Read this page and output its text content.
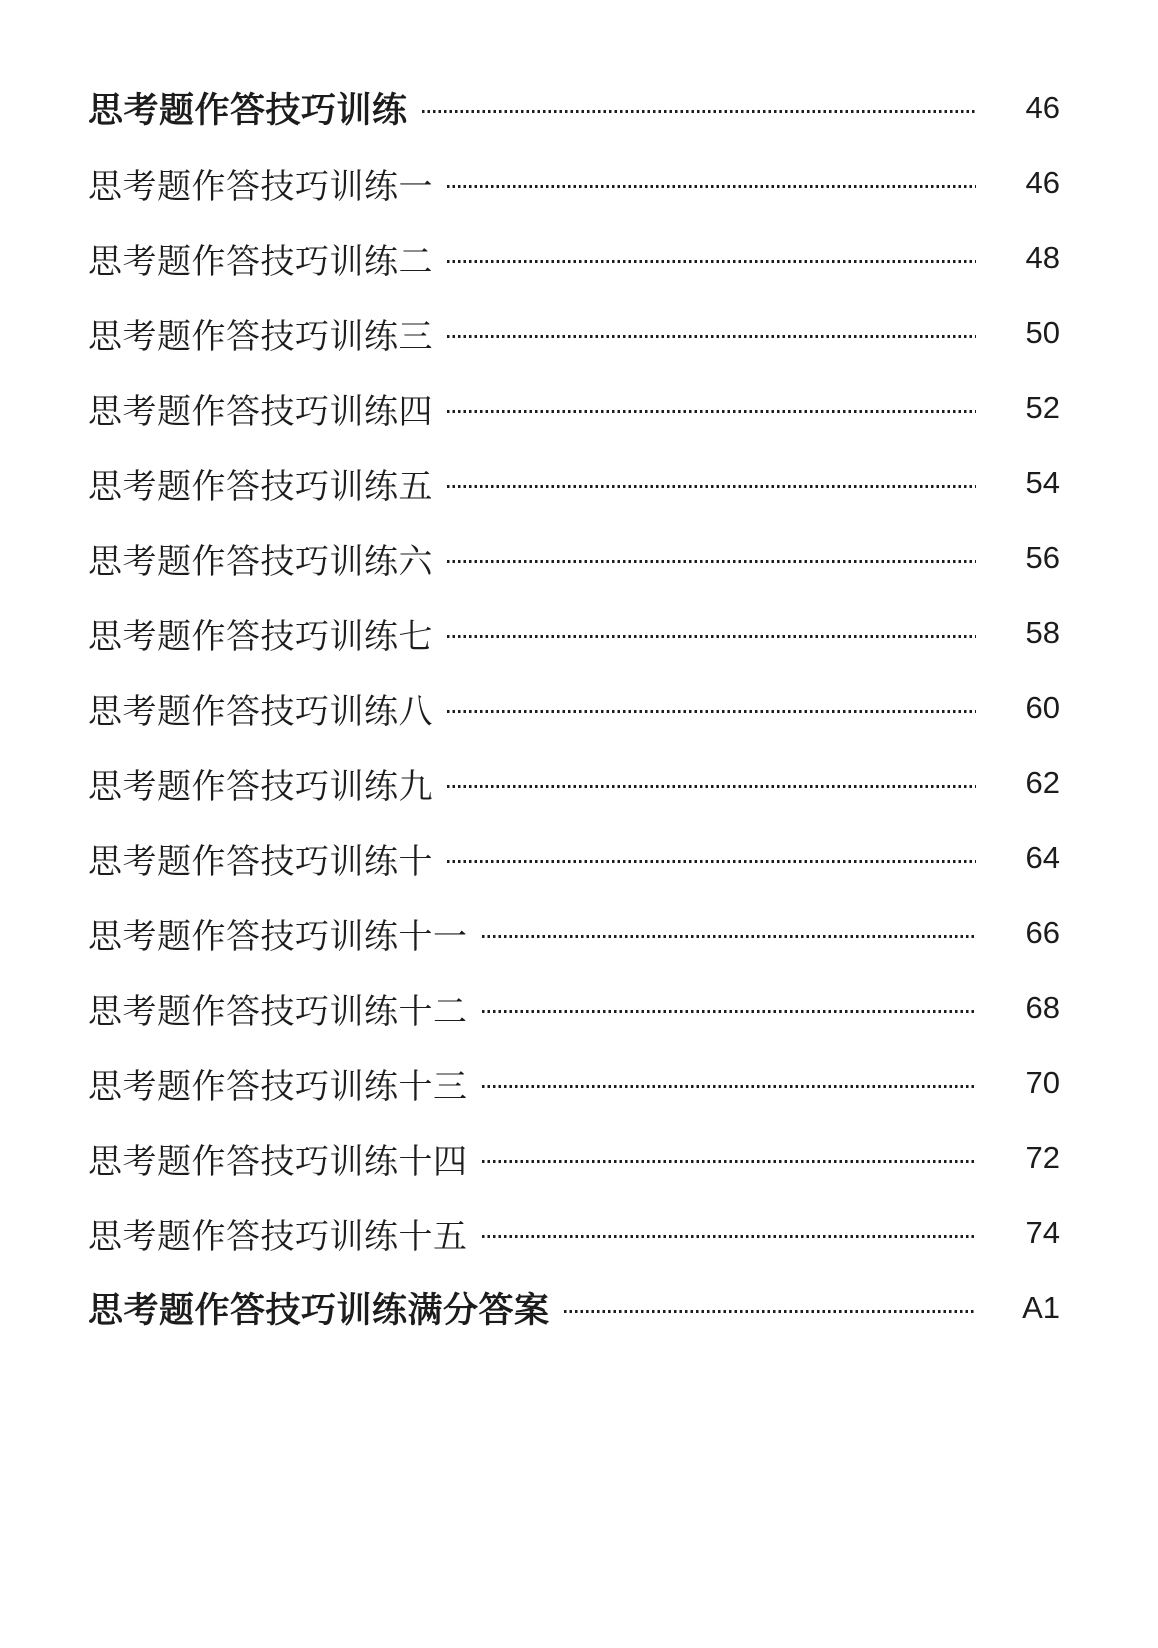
思考题作答技巧训练	46
思考题作答技巧训练一	46
思考题作答技巧训练二	48
思考题作答技巧训练三	50
思考题作答技巧训练四	52
思考题作答技巧训练五	54
思考题作答技巧训练六	56
思考题作答技巧训练七	58
思考题作答技巧训练八	60
思考题作答技巧训练九	62
思考题作答技巧训练十	64
思考题作答技巧训练十一	66
思考题作答技巧训练十二	68
思考题作答技巧训练十三	70
思考题作答技巧训练十四	72
思考题作答技巧训练十五	74
思考题作答技巧训练满分答案	A1
